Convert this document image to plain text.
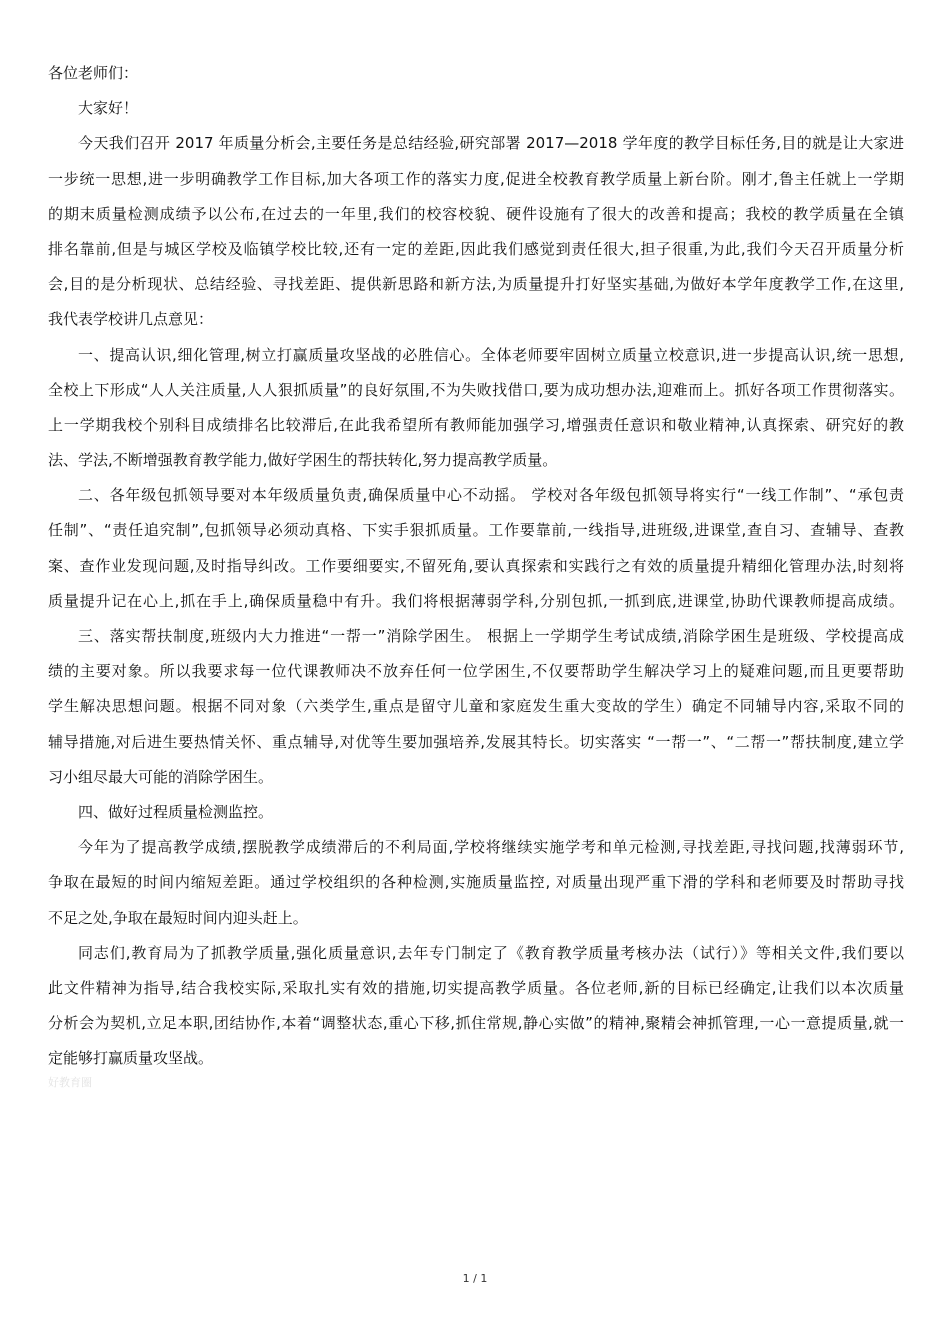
各位老师们：
大家好！
今天我们召开 2017 年质量分析会,主要任务是总结经验,研究部署 2017—2018 学年度的教学目标任务,目的就是让大家进
一步统一思想,进一步明确教学工作目标,加大各项工作的落实力度,促进全校教育教学质量上新台阶。刚才,鲁主任就上一学期
的期末质量检测成绩予以公布,在过去的一年里,我们的校容校貌、硬件设施有了很大的改善和提高；我校的教学质量在全镇
排名靠前,但是与城区学校及临镇学校比较,还有一定的差距,因此我们感觉到责任很大,担子很重,为此,我们今天召开质量分析
会,目的是分析现状、总结经验、寻找差距、提供新思路和新方法,为质量提升打好坚实基础,为做好本学年度教学工作,在这里,
我代表学校讲几点意见：
一、提高认识,细化管理,树立打赢质量攻坚战的必胜信心。全体老师要牢固树立质量立校意识,进一步提高认识,统一思想,
全校上下形成“人人关注质量,人人狠抓质量”的良好氛围,不为失败找借口,要为成功想办法,迎难而上。抓好各项工作贯彻落实。
上一学期我校个别科目成绩排名比较滞后,在此我希望所有教师能加强学习,增强责任意识和敬业精神,认真探索、研究好的教
法、学法,不断增强教育教学能力,做好学困生的帮扶转化,努力提高教学质量。
二、各年级包抓领导要对本年级质量负责,确保质量中心不动摇。 学校对各年级包抓领导将实行“一线工作制”、“承包责
任制”、“责任追究制”,包抓领导必须动真格、下实手狠抓质量。工作要靠前,一线指导,进班级,进课堂,查自习、查辅导、查教
案、查作业发现问题,及时指导纠改。工作要细要实,不留死角,要认真探索和实践行之有效的质量提升精细化管理办法,时刻将
质量提升记在心上,抓在手上,确保质量稳中有升。我们将根据薄弱学科,分别包抓,一抓到底,进课堂,协助代课教师提高成绩。
三、落实帮扶制度,班级内大力推进“一帮一”消除学困生。 根据上一学期学生考试成绩,消除学困生是班级、学校提高成
绩的主要对象。所以我要求每一位代课教师决不放弃任何一位学困生,不仅要帮助学生解决学习上的疑难问题,而且更要帮助
学生解决思想问题。根据不同对象（六类学生,重点是留守儿童和家庭发生重大变故的学生）确定不同辅导内容,采取不同的
辅导措施,对后进生要热情关怀、重点辅导,对优等生要加强培养,发展其特长。切实落实 “一帮一”、“二帮一”帮扶制度,建立学
习小组尽最大可能的消除学困生。
四、做好过程质量检测监控。
今年为了提高教学成绩,摆脱教学成绩滞后的不利局面,学校将继续实施学考和单元检测,寻找差距,寻找问题,找薄弱环节,
争取在最短的时间内缩短差距。通过学校组织的各种检测,实施质量监控, 对质量出现严重下滑的学科和老师要及时帮助寻找
不足之处,争取在最短时间内迎头赶上。
同志们,教育局为了抓教学质量,强化质量意识,去年专门制定了《教育教学质量考核办法（试行）》等相关文件,我们要以
此文件精神为指导,结合我校实际,采取扎实有效的措施,切实提高教学质量。各位老师,新的目标已经确定,让我们以本次质量
分析会为契机,立足本职,团结协作,本着“调整状态,重心下移,抓住常规,静心实做”的精神,聚精会神抓管理,一心一意提质量,就一
定能够打赢质量攻坚战。
好教育圈
1 / 1
